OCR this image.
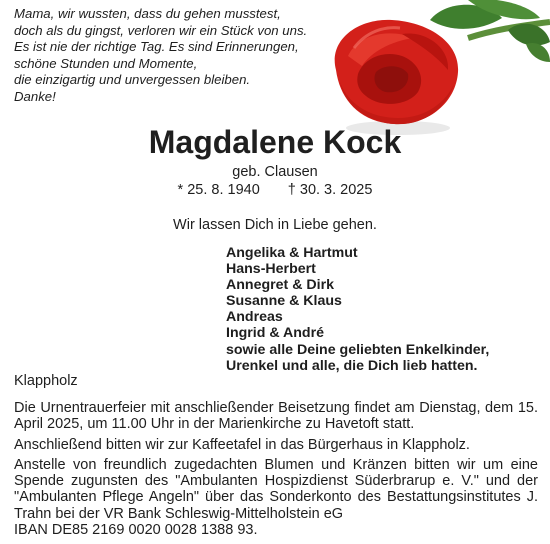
Mama, wir wussten, dass du gehen musstest,
doch als du gingst, verloren wir ein Stück von uns.
Es ist nie der richtige Tag. Es sind Erinnerungen,
schöne Stunden und Momente,
die einzigartig und unvergessen bleiben.
Danke!
Magdalene Kock
geb. Clausen
* 25. 8. 1940 † 30. 3. 2025
Wir lassen Dich in Liebe gehen.
Angelika & Hartmut
Hans-Herbert
Annegret & Dirk
Susanne & Klaus
Andreas
Ingrid & André
sowie alle Deine geliebten Enkelkinder,
Urenkel und alle, die Dich lieb hatten.
Klappholz

Die Urnentrauerfeier mit anschließender Beisetzung findet am Dienstag, dem 15. April 2025, um 11.00 Uhr in der Marienkirche zu Havetoft statt.

Anschließend bitten wir zur Kaffeetafel in das Bürgerhaus in Klappholz.

Anstelle von freundlich zugedachten Blumen und Kränzen bitten wir um eine Spende zugunsten des "Ambulanten Hospizdienst Süderbrarup e. V." und der "Ambulanten Pflege Angeln" über das Sonderkonto des Bestattungsinstitutes J. Trahn bei der VR Bank Schleswig-Mittelholstein eG

IBAN DE85 2169 0020 0028 1388 93.
